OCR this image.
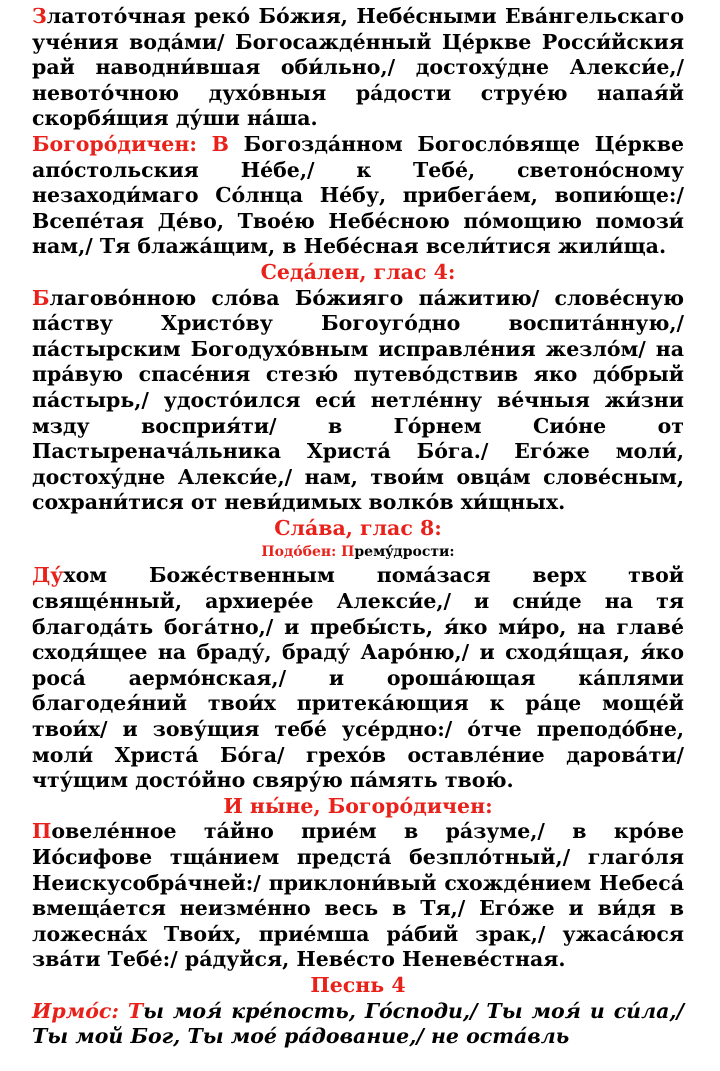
Златото́чная реко́ Бо́жия, Небе́сными Ева́нгельскаго уче́ния вода́ми/ Богосажде́нный Це́ркве Росси́йския рай наводни́вшая оби́льно,/ достоху́дне Алекси́е,/ невото́чною духо́вныя ра́дости струе́ю напая́й скорбя́щия ду́ши на́ша.

Богоро́дичен: В Богозда́нном Богосло́вяще Це́ркве апо́стольския Не́бе,/ к Тебе́, светоно́сному незаходи́маго Со́лнца Не́бу, прибега́ем, вопию́ще:/ Всепе́тая Де́во, Твое́ю Небе́сною по́мощию помози́ нам,/ Тя блажа́щим, в Небе́сная всели́тися жили́ща.

Седа́лен, глас 4:

Благово́нною сло́ва Бо́жияго па́житию/ слове́сную па́ству Христо́ву Богоуго́дно воспита́нную,/ па́стырским Богодухо́вным исправле́ния жезло́м/ на пра́вую спасе́ния стезю́ путево́дствив яко до́брый па́стырь,/ удосто́ился еси́ нетле́нну ве́чныя жи́зни мзду восприя́ти/ в Го́рнем Сио́не от Пастыренача́льника Христа́ Бо́га./ Его́же моли́, достоху́дне Алекси́е,/ нам, твои́м овца́м слове́сным, сохрани́тися от неви́димых волко́в хи́щных.

Сла́ва, глас 8:

Подо́бен: Премý́дрости:

Ду́хом Боже́ственным пома́зася верх твой свяще́нный, архиере́е Алекси́е,/ и сни́де на тя благода́ть бога́тно,/ и пребы́сть, я́ко ми́ро, на главе́ сходя́щее на браду́, браду́ Ааро́ню,/ и сходя́щая, я́ко роса́ аермо́нская,/ и орошáющая ка́плями благодея́ний твои́х притека́ющия к ра́це моще́й твои́х/ и зову́щия тебе́ усе́рдно:/ о́тче преподо́бне, моли́ Христа́ Бо́га/ грехо́в оставле́ние дарова́ти/ чту́щим досто́йно свяру́ю па́мять твою́.

И ны́не, Богоро́дичен:

Повеле́нное та́йно прие́м в ра́зуме,/ в кро́ве Ио́сифове тща́нием предста́ безпло́тный,/ глаго́ля Неискусобра́чней:/ приклони́вый схожде́нием Небеса́ вмеща́ется неизме́нно весь в Тя,/ Его́же и ви́дя в ложесна́х Твои́х, прие́мша ра́бий зрак,/ ужаса́юся зва́ти Тебе́:/ ра́дуйся, Неве́сто Неневе́стная.

Песнь 4

Ирмо́с: Ты моя́ кре́пость, Го́споди,/ Ты моя́ и си́ла,/ Ты мой Бог, Ты мое́ ра́дование,/ не оста́вль
